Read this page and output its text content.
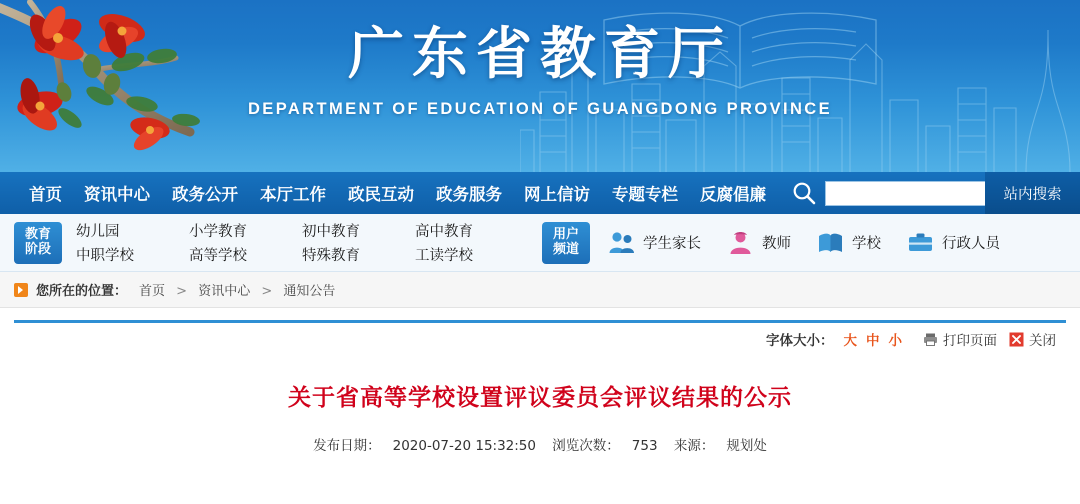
广东省教育厅
DEPARTMENT OF EDUCATION OF GUANGDONG PROVINCE
首页	资讯中心	政务公开	本厅工作	政民互动	政务服务	网上信访	专题专栏	反腐倡廉	站内搜索
教育
阶段
幼儿园	小学教育	初中教育	高中教育
中职学校	高等学校	特殊教育	工读学校
用户
频道	学生家长	教师	学校	行政人员
您所在的位置： 首页 > 资讯中心 > 通知公告
字体大小： 大 中 小	打印页面 关闭
关于省高等学校设置评议委员会评议结果的公示
发布日期： 2020-07-20 15:32:50 浏览次数： 753 来源： 规划处
